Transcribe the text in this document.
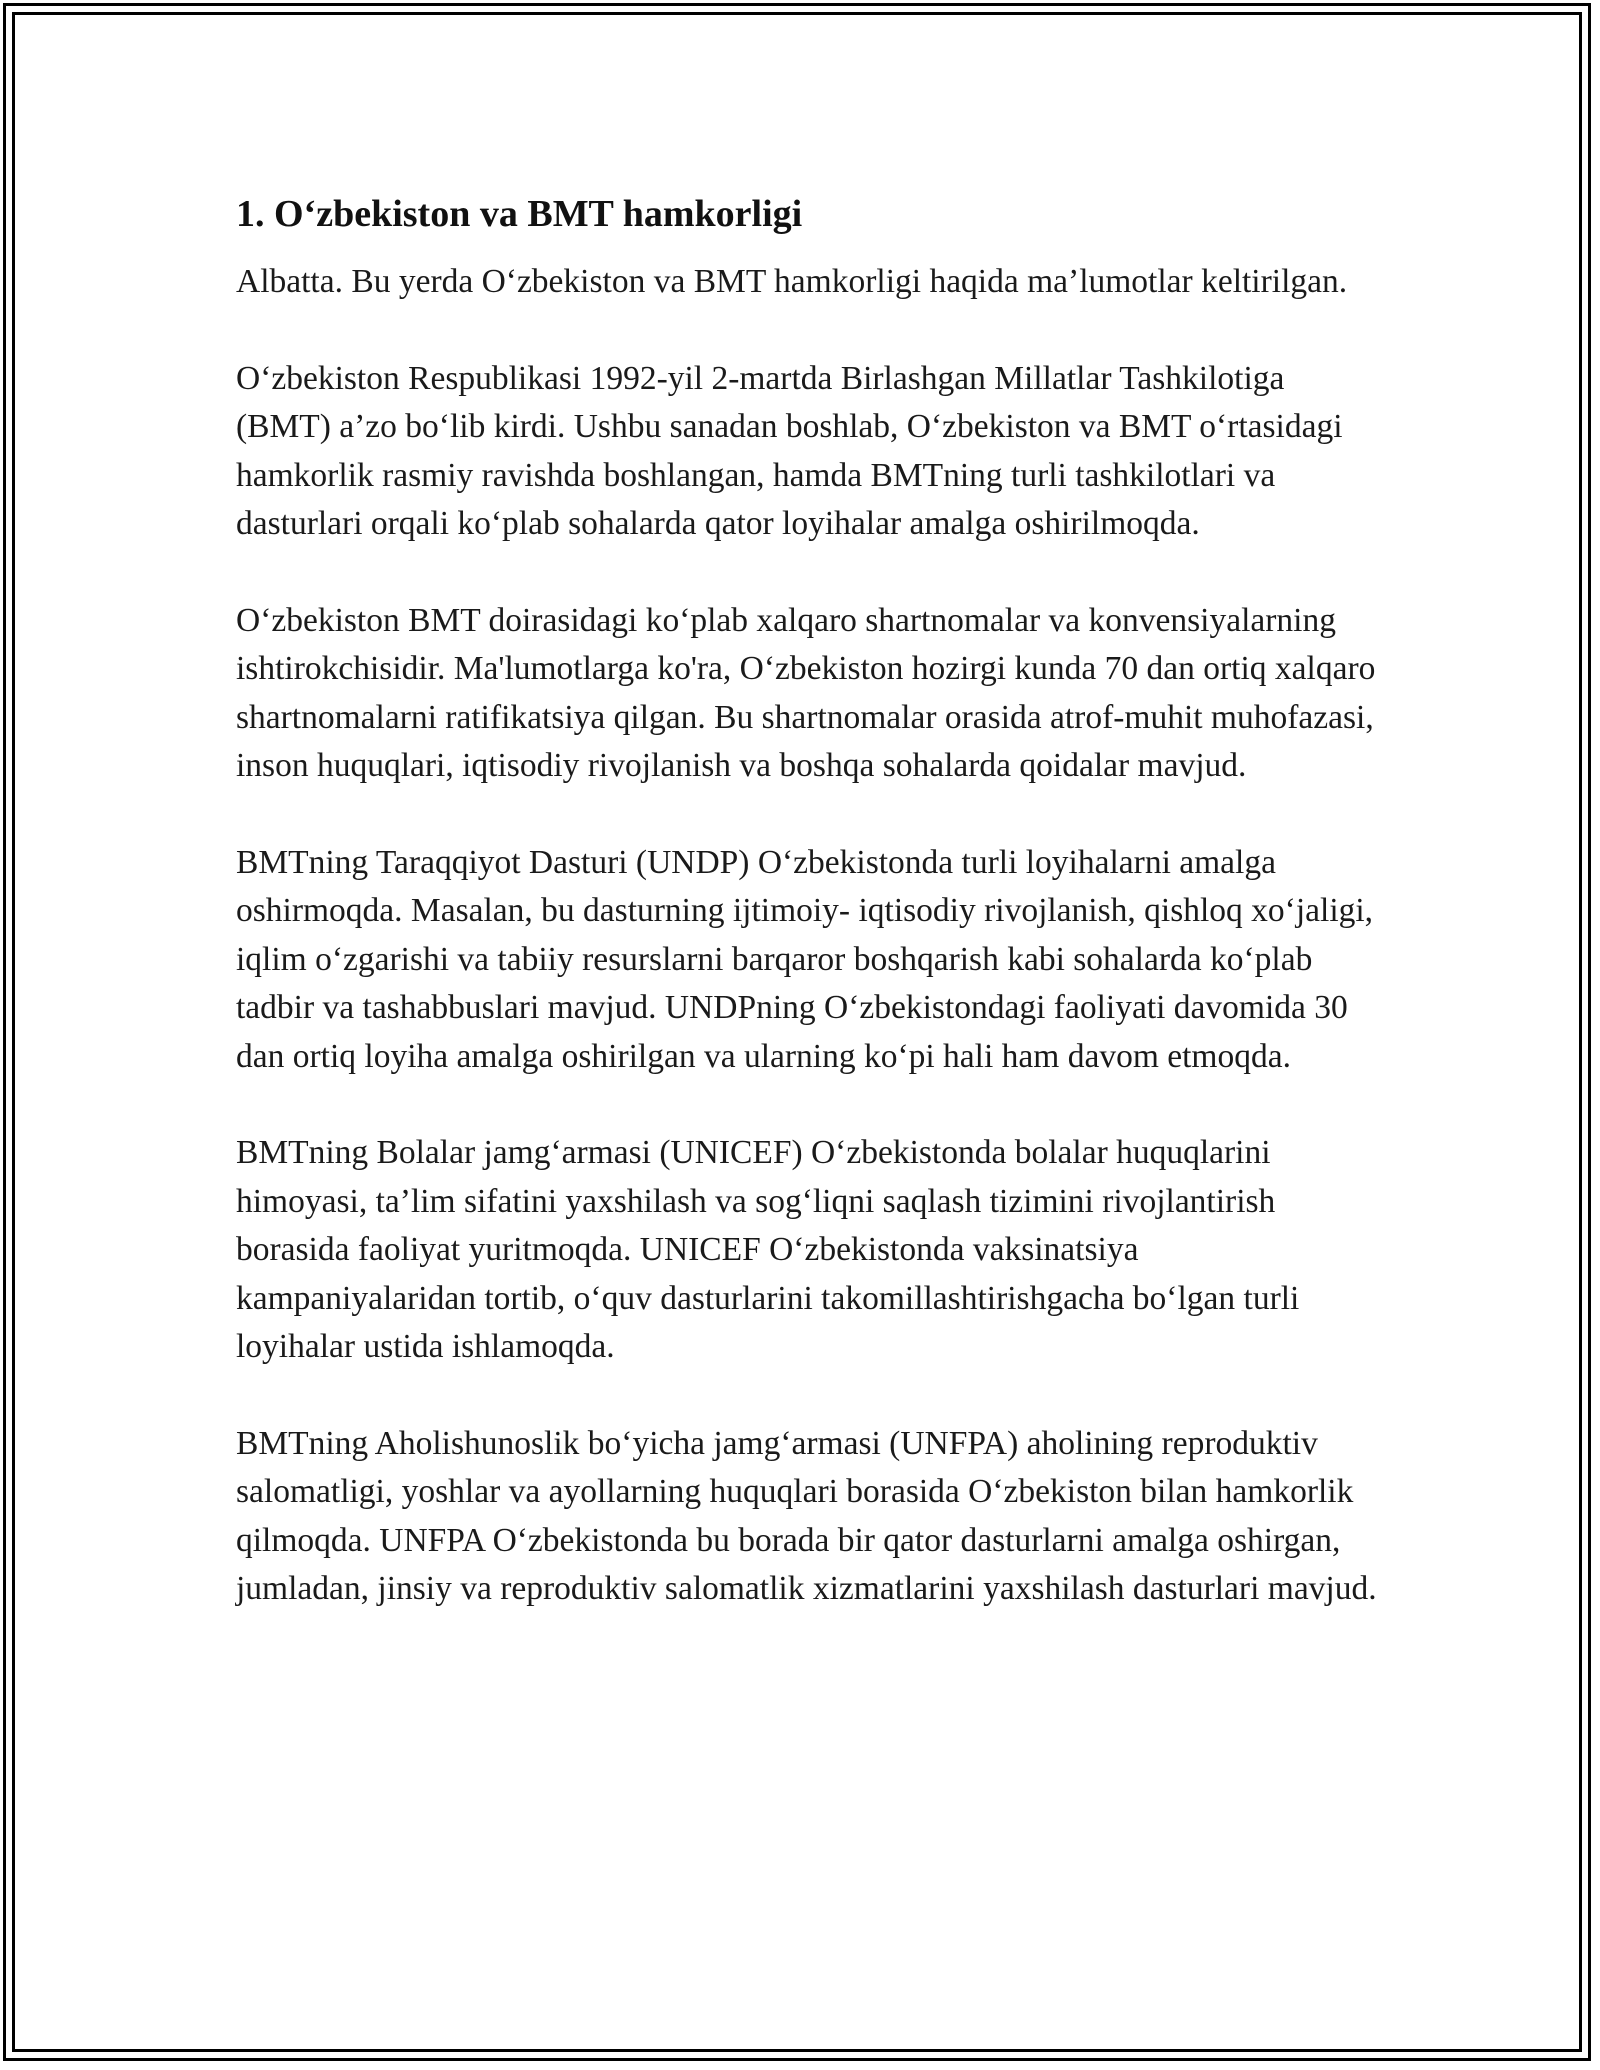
1. O‘zbekiston va BMT hamkorligi

Albatta. Bu yerda O‘zbekiston va BMT hamkorligi haqida ma’lumotlar keltirilgan.

O‘zbekiston Respublikasi 1992-yil 2-martda Birlashgan Millatlar Tashkilotiga (BMT) a’zo bo‘lib kirdi. Ushbu sanadan boshlab, O‘zbekiston va BMT o‘rtasidagi hamkorlik rasmiy ravishda boshlangan, hamda BMTning turli tashkilotlari va dasturlari orqali ko‘plab sohalarda qator loyihalar amalga oshirilmoqda.

O‘zbekiston BMT doirasidagi ko‘plab xalqaro shartnomalar va konvensiyalarning ishtirokchisidir. Ma'lumotlarga ko'ra, O‘zbekiston hozirgi kunda 70 dan ortiq xalqaro shartnomalarni ratifikatsiya qilgan. Bu shartnomalar orasida atrof-muhit muhofazasi, inson huquqlari, iqtisodiy rivojlanish va boshqa sohalarda qoidalar mavjud.

BMTning Taraqqiyot Dasturi (UNDP) O‘zbekistonda turli loyihalarni amalga oshirmoqda. Masalan, bu dasturning ijtimoiy- iqtisodiy rivojlanish, qishloq xo‘jaligi, iqlim o‘zgarishi va tabiiy resurslarni barqaror boshqarish kabi sohalarda ko‘plab tadbir va tashabbuslari mavjud. UNDPning O‘zbekistondagi faoliyati davomida 30 dan ortiq loyiha amalga oshirilgan va ularning ko‘pi hali ham davom etmoqda.

BMTning Bolalar jamg‘armasi (UNICEF) O‘zbekistonda bolalar huquqlarini himoyasi, ta’lim sifatini yaxshilash va sog‘liqni saqlash tizimini rivojlantirish borasida faoliyat yuritmoqda. UNICEF O‘zbekistonda vaksinatsiya kampaniyalaridan tortib, o‘quv dasturlarini takomillashtirishgacha bo‘lgan turli loyihalar ustida ishlamoqda.

BMTning Aholishunoslik bo‘yicha jamg‘armasi (UNFPA) aholining reproduktiv salomatligi, yoshlar va ayollarning huquqlari borasida O‘zbekiston bilan hamkorlik qilmoqda. UNFPA O‘zbekistonda bu borada bir qator dasturlarni amalga oshirgan, jumladan, jinsiy va reproduktiv salomatlik xizmatlarini yaxshilash dasturlari mavjud.
